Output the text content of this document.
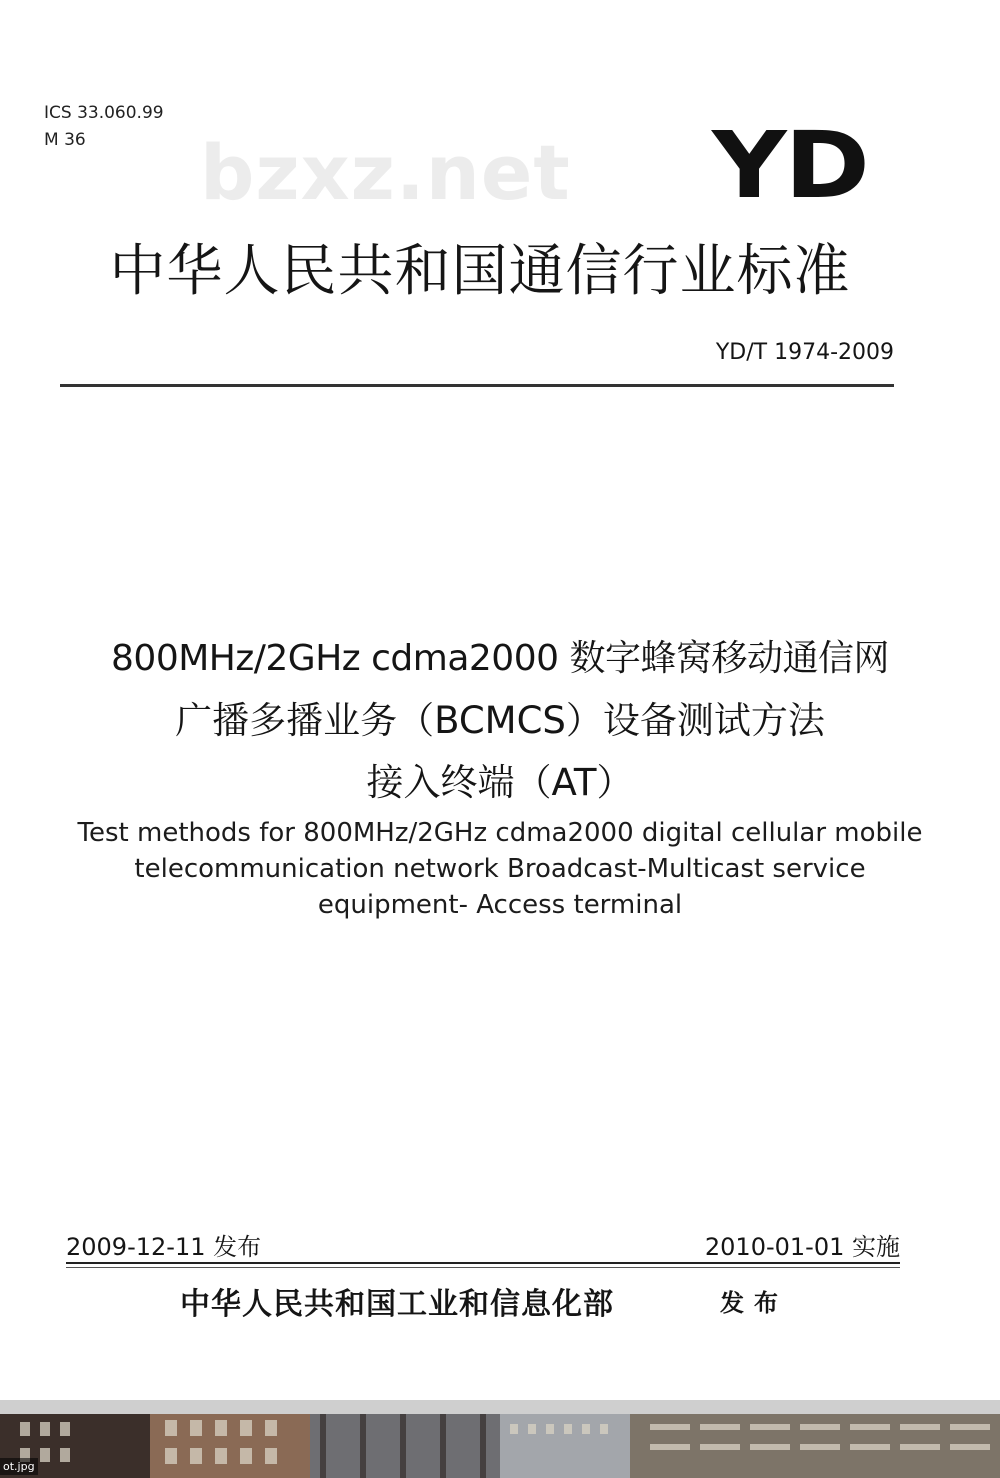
ICS 33.060.99
M 36	bzxz.net YD
中华人民共和国通信行业标准
YD/T 1974-2009
800MHz/2GHz cdma2000 数字蜂窝移动通信网
广播多播业务（BCMCS）设备测试方法
接入终端（AT）
Test methods for 800MHz/2GHz cdma2000 digital cellular mobile
telecommunication network Broadcast-Multicast service
equipment- Access terminal
2009-12-11 发布	2010-01-01 实施
中华人民共和国工业和信息化部	发布
ot.jpg
